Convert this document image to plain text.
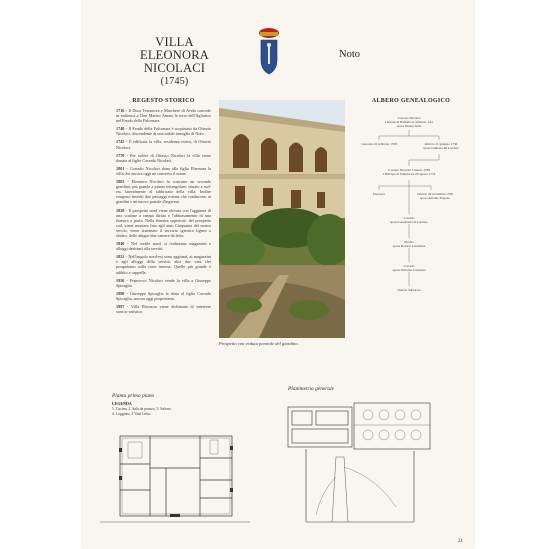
VILLA ELEONORA
NICOLACI
(1745)
Noto
REGESTO STORICO

1716 - Il Duca Terranova e Marchese di Avola concede in enfiteusi a Don Matteo Amato le terre dell'Agliastro nel Feudo della Falconara.

1740 - Il Feudo della Falconara è acquistato da Ottavio Nicolaci, discendente di una nobile famiglia di Noto.

1745 - È edificata la villa, residenza estiva, di Ottavio Nicolaci.

1770 - Per volere di Ottavio Nicolaci la villa viene donata al figlio Corrado Nicolaci.

1801 - Corrado Nicolaci dona alla figlia Eleonora la villa che ancora oggi ne conserva il nome.

1802 - Eleonora Nicolaci fa costruire un secondo giardino, più grande a pianta rettangolare, situato a sud-est, lateralmente al fabbricato della villa. Inoltre vengono inseriti due passaggi esterni che conducono ai giardini e un nuovo portale d'ingresso.

1828 - Il prospetto nord viene elevato con l'aggiunta di uno scalone a rampa diritta e l'abbassamento di una finestra a porta. Nella finestra superiore, del prospetto sud, viene montata fino agli anni Cinquanta del nostro secolo, viene sistemato il servizio igienico ligneo a sbalzo, delle attigue due camere da letto.

1840 - Nel cortile nord, si realizzano magazzini e alloggi destinati alla servitù.

1852 - Nell'angolo nord-est sono aggiunti, ai magazzini e agli alloggi della servitù, altri due vani che prospettano sulla corte interna. Quello più grande è adibito a cappella.

1950 - Francesco Nicolaci vende la villa a Giuseppe Spicaglia.

1980 - Giuseppe Spicaglia la dona al figlio Corrado Spicaglia, ancora oggi proprietario.

1997 - Villa Eleonora viene dichiarata di interesse storico-artistico.

Prospetto con veduta parziale del giardino.
ALBERO GENEALOGICO
Corrado Nicolaci
I barone di Bonfalà 21 febbraio 1.61
sposa Donna Sella
Giacomo 21 febbraio 1708	Ottavio 21 gennaio 1730
sposa Giuliana Di Lorenzo
Corrado Nicolaci 5 marzo 1788
I Principe di Villadorata 29 agosto 1774
Eleonora	Ottavio 29 novembre 1798
sposa Antonia Trigona
Corrado
sposa Gaudenzia di Lorenzo
Ottavio
sposa Rosaria Landolina
Corrado
sposa Ottavina Castorina
Ottavio Salvatore
Pianta primo piano
LEGENDA
1. Cucina, 2. Sala da pranzo, 3. Salone,
4. Loggiato, 5 Vani Letto.
Planimetria generale
21
